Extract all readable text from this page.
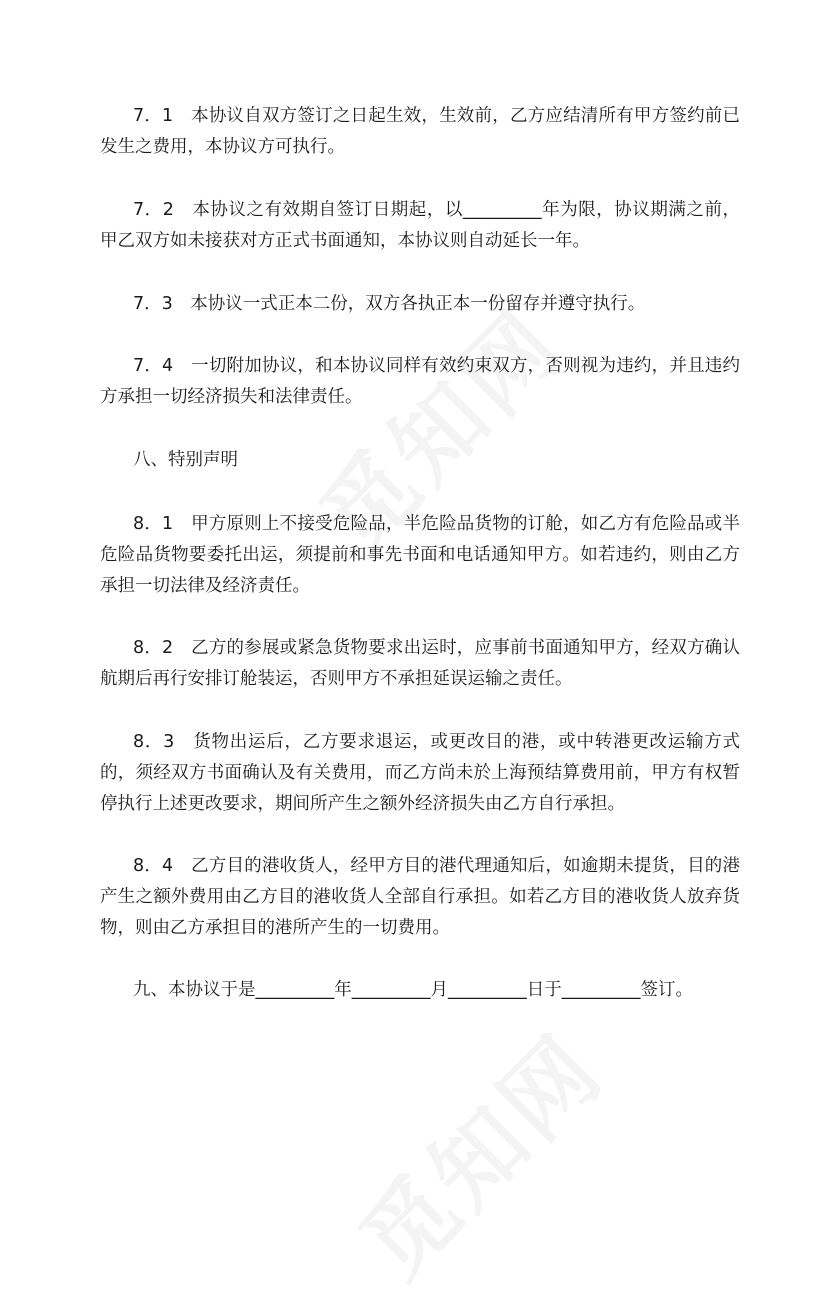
7．1　本协议自双方签订之日起生效，生效前，乙方应结清所有甲方签约前已发生之费用，本协议方可执行。

7．2　本协议之有效期自签订日期起，以_________年为限，协议期满之前，甲乙双方如未接获对方正式书面通知，本协议则自动延长一年。

7．3　本协议一式正本二份，双方各执正本一份留存并遵守执行。

7．4　一切附加协议，和本协议同样有效约束双方，否则视为违约，并且违约方承担一切经济损失和法律责任。

八、特别声明

8．1　甲方原则上不接受危险品，半危险品货物的订舱，如乙方有危险品或半危险品货物要委托出运，须提前和事先书面和电话通知甲方。如若违约，则由乙方承担一切法律及经济责任。

8．2　乙方的参展或紧急货物要求出运时，应事前书面通知甲方，经双方确认航期后再行安排订舱装运，否则甲方不承担延误运输之责任。

8．3　货物出运后，乙方要求退运，或更改目的港，或中转港更改运输方式的，须经双方书面确认及有关费用，而乙方尚未於上海预结算费用前，甲方有权暂停执行上述更改要求，期间所产生之额外经济损失由乙方自行承担。

8．4　乙方目的港收货人，经甲方目的港代理通知后，如逾期未提货，目的港产生之额外费用由乙方目的港收货人全部自行承担。如若乙方目的港收货人放弃货物，则由乙方承担目的港所产生的一切费用。

九、本协议于是_________年_________月_________日于_________签订。
